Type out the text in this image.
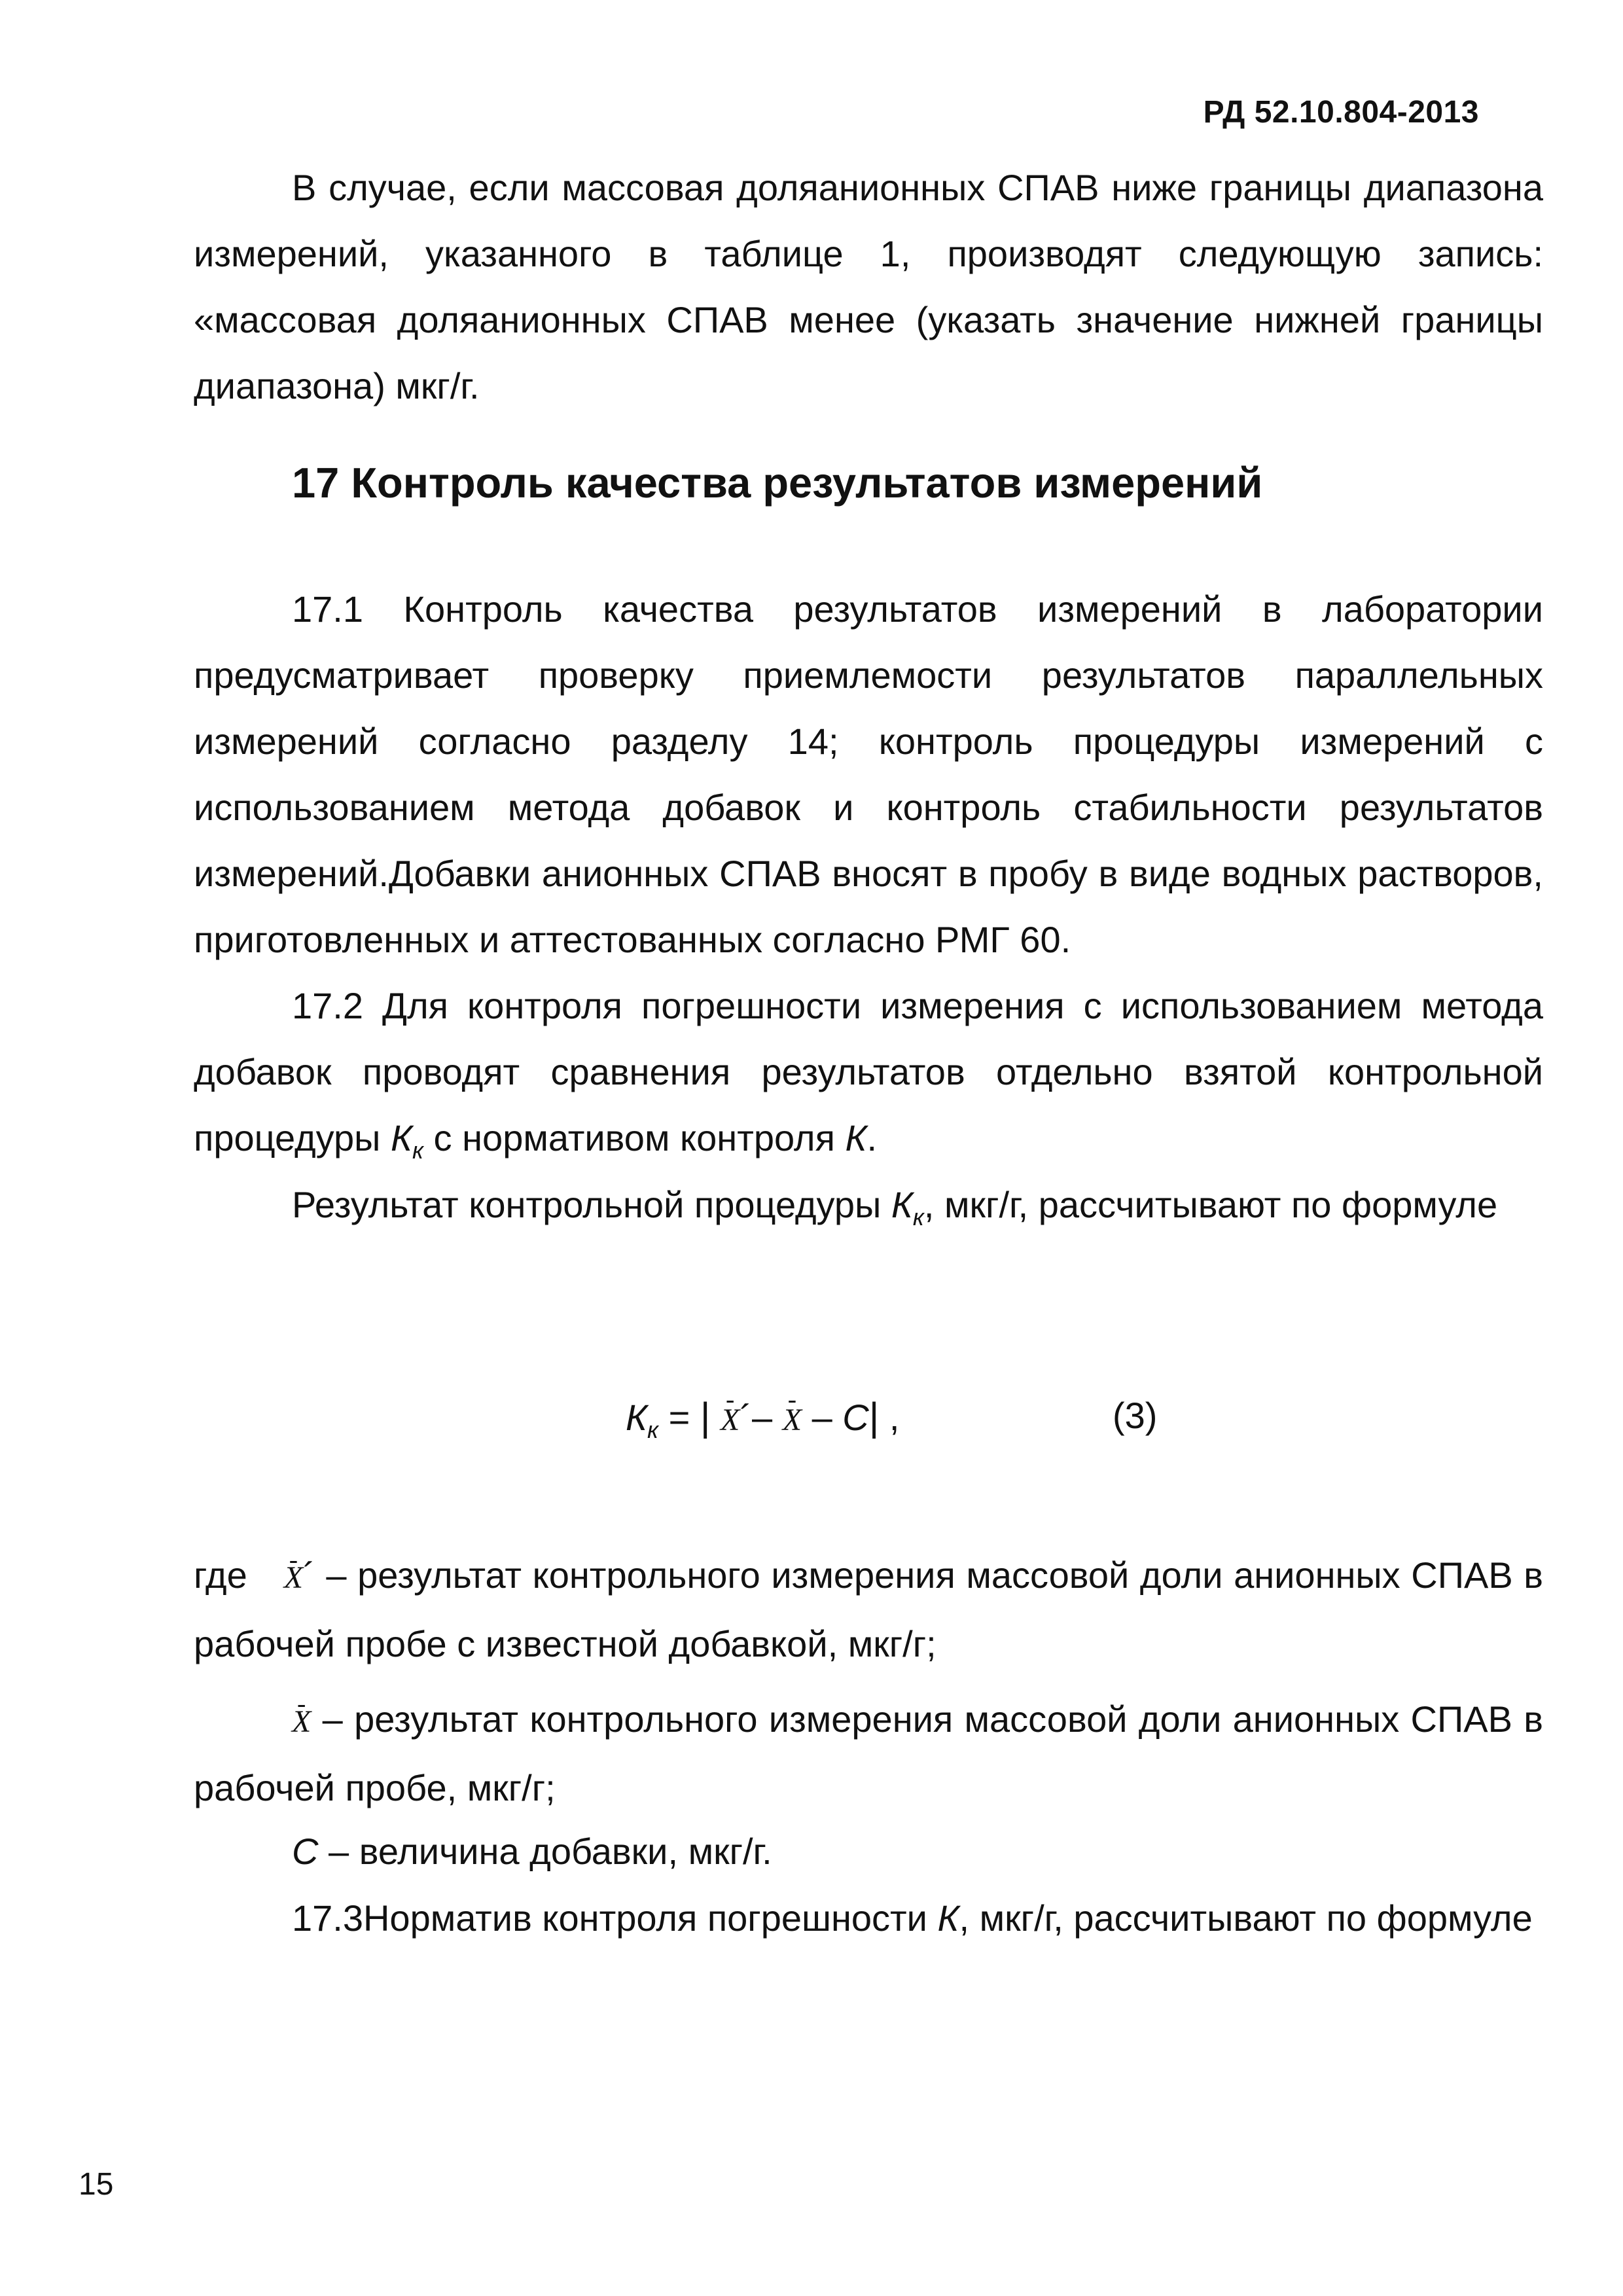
РД 52.10.804-2013

В случае, если массовая доляанионных СПАВ ниже границы диапазона измерений, указанного в таблице 1, производят следующую запись: «массовая доляанионных СПАВ менее (указать значение нижней границы диапазона) мкг/г.

17 Контроль качества результатов измерений

17.1 Контроль качества результатов измерений в лаборатории предусматривает проверку приемлемости результатов параллельных измерений согласно разделу 14; контроль процедуры измерений с использованием метода добавок и контроль стабильности результатов измерений.Добавки анионных СПАВ вносят в пробу в виде водных растворов, приготовленных и аттестованных согласно РМГ 60.

17.2 Для контроля погрешности измерения с использованием метода добавок проводят сравнения результатов отдельно взятой контрольной процедуры $К_к$ с нормативом контроля К.

Результат контрольной процедуры $К_к$, мкг/г, рассчитывают по формуле

$К_к$ = | - X´– - X – C| ,	(3)

где - X´ – результат контрольного измерения массовой доли анионных СПАВ в рабочей пробе с известной добавкой, мкг/г;

- X – результат контрольного измерения массовой доли анионных СПАВ в рабочей пробе, мкг/г;

C – величина добавки, мкг/г.

17.3Норматив контроля погрешности К, мкг/г, рассчитывают по формуле

15
